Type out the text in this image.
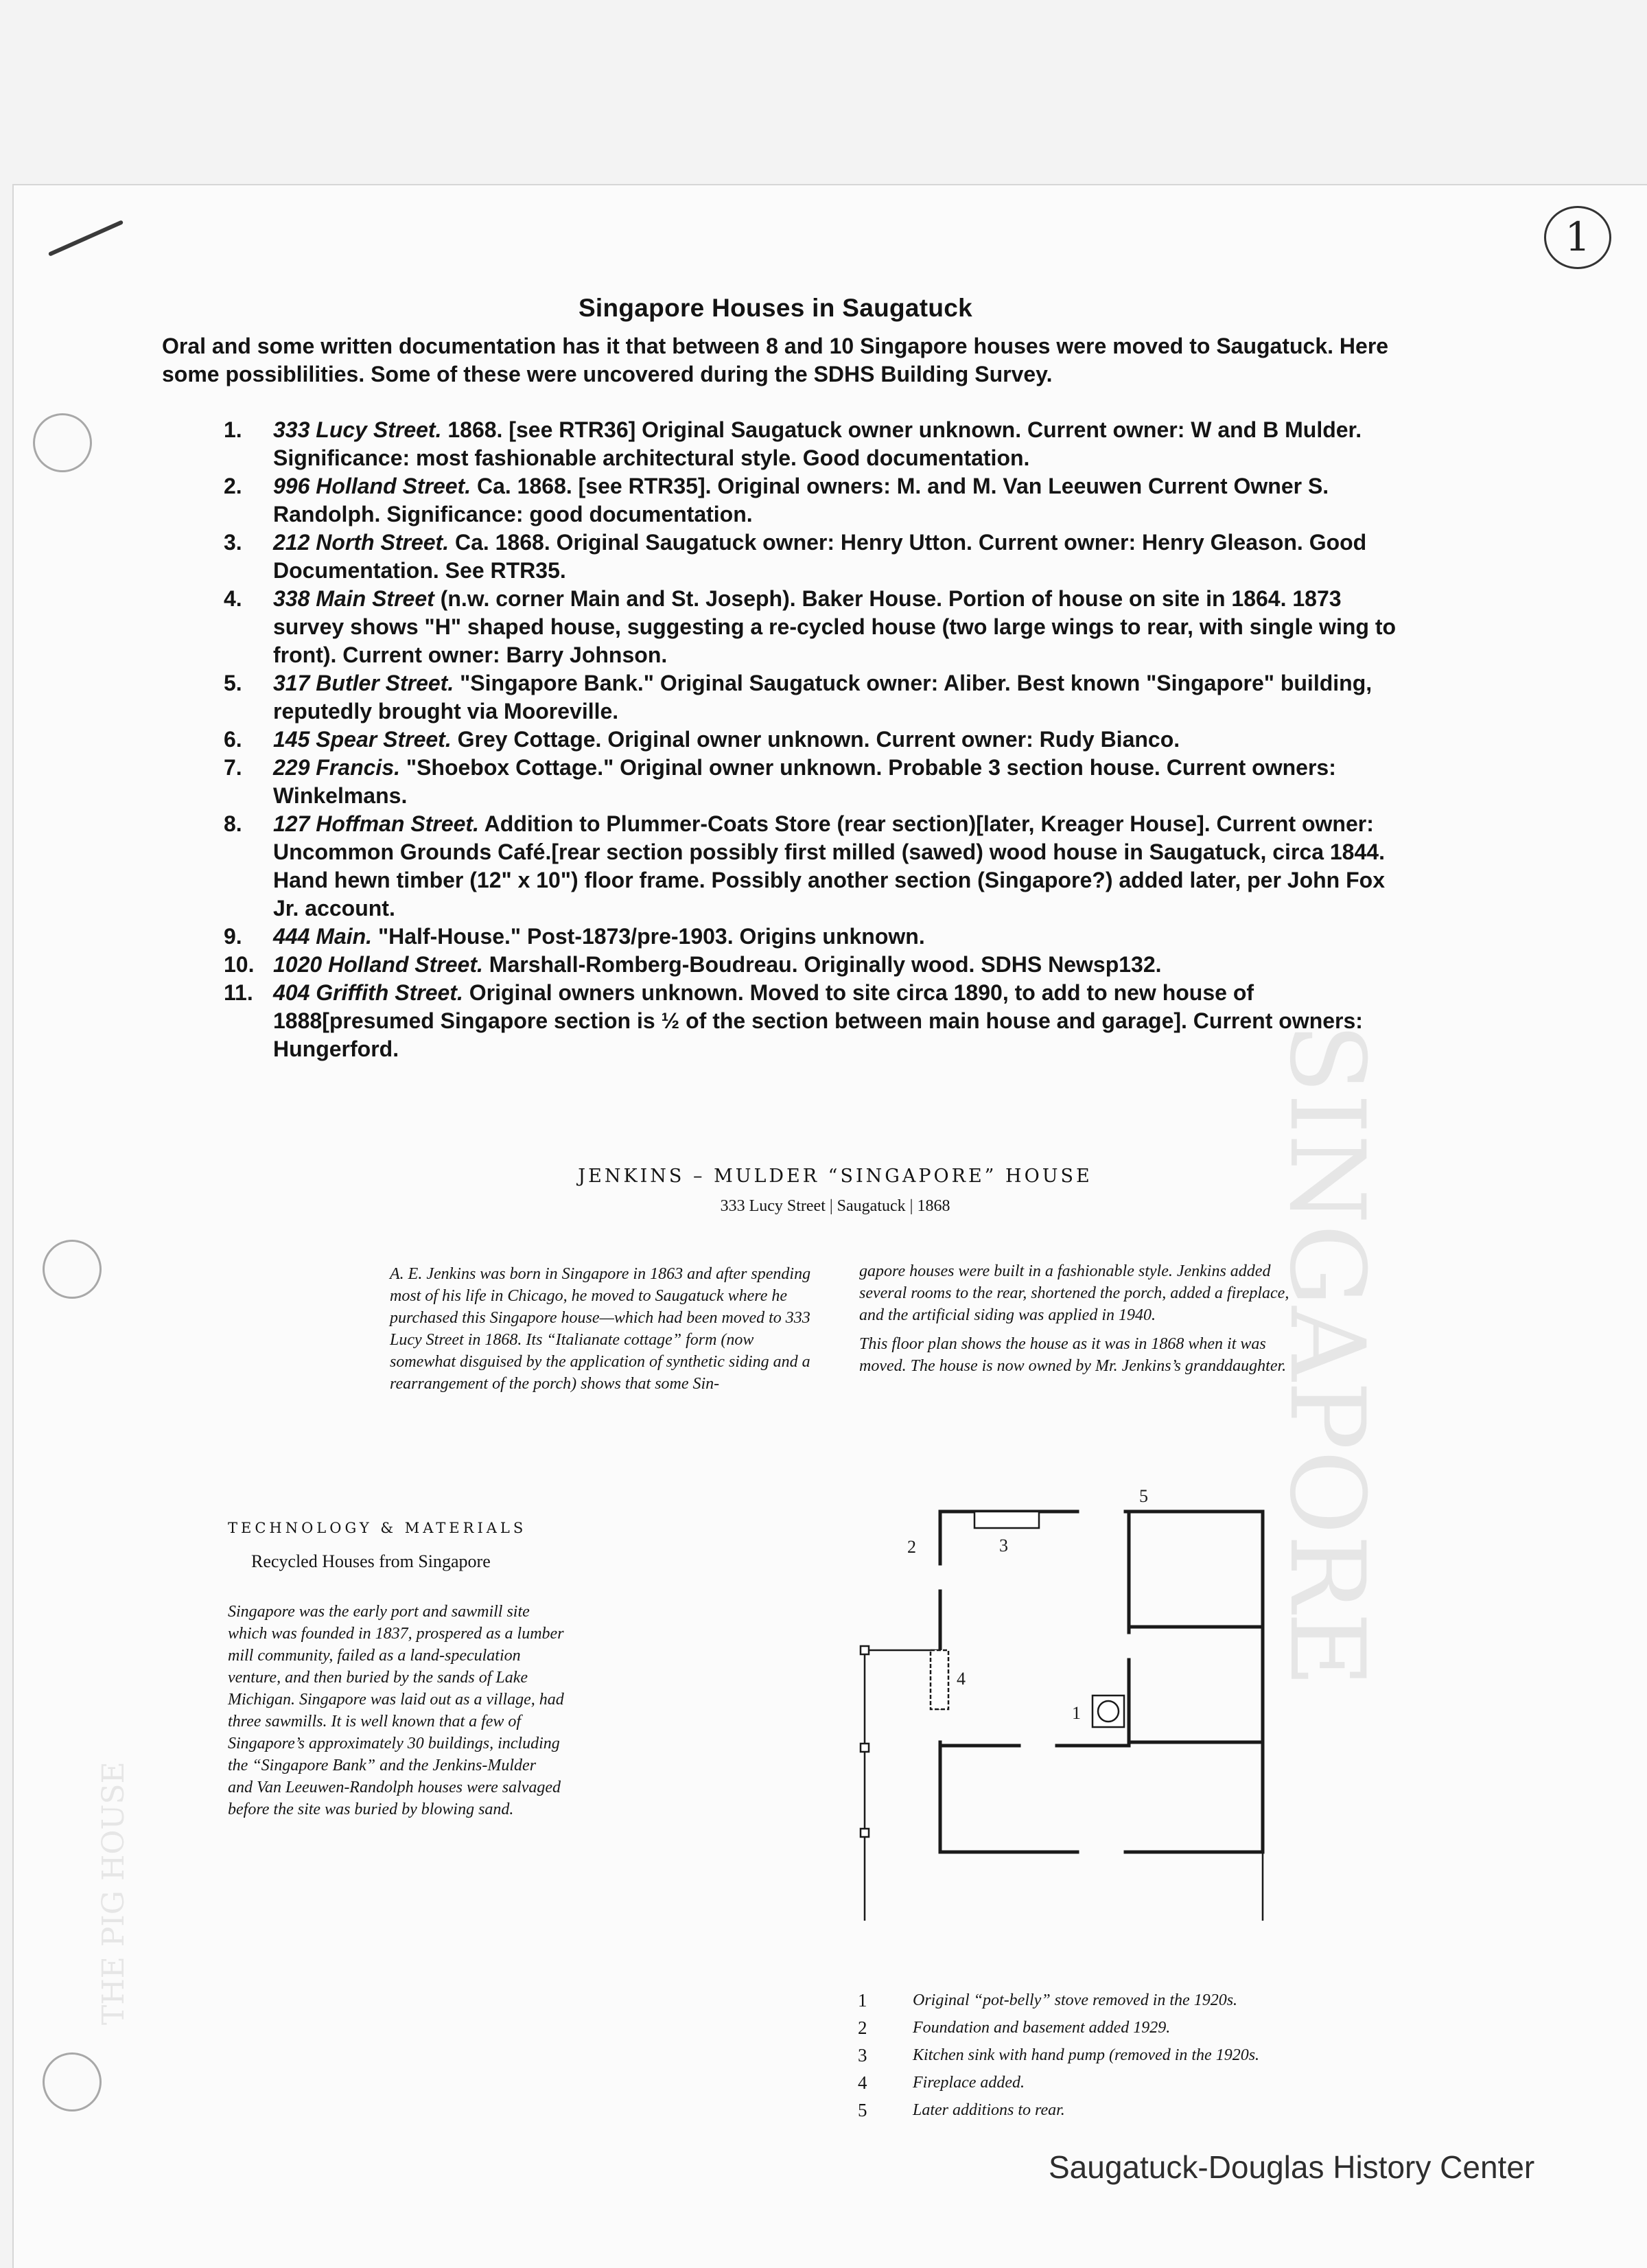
SINGAPORE
THE PIG HOUSE
1
Singapore Houses in Saugatuck
Oral and some written documentation has it that between 8 and 10 Singapore houses were moved to Saugatuck. Here some possiblilities. Some of these were uncovered during the SDHS Building Survey.
1. 333 Lucy Street. 1868. [see RTR36] Original Saugatuck owner unknown. Current owner: W and B Mulder. Significance: most fashionable architectural style. Good documentation.
2. 996 Holland Street. Ca. 1868. [see RTR35]. Original owners: M. and M. Van Leeuwen Current Owner S. Randolph. Significance: good documentation.
3. 212 North Street. Ca. 1868. Original Saugatuck owner: Henry Utton. Current owner: Henry Gleason. Good Documentation. See RTR35.
4. 338 Main Street (n.w. corner Main and St. Joseph). Baker House. Portion of house on site in 1864. 1873 survey shows "H" shaped house, suggesting a re-cycled house (two large wings to rear, with single wing to front). Current owner: Barry Johnson.
5. 317 Butler Street. "Singapore Bank." Original Saugatuck owner: Aliber. Best known "Singapore" building, reputedly brought via Mooreville.
6. 145 Spear Street. Grey Cottage. Original owner unknown. Current owner: Rudy Bianco.
7. 229 Francis. "Shoebox Cottage." Original owner unknown. Probable 3 section house. Current owners: Winkelmans.
8. 127 Hoffman Street. Addition to Plummer-Coats Store (rear section)[later, Kreager House]. Current owner: Uncommon Grounds Café.[rear section possibly first milled (sawed) wood house in Saugatuck, circa 1844. Hand hewn timber (12" x 10") floor frame. Possibly another section (Singapore?) added later, per John Fox Jr. account.
9. 444 Main. "Half-House." Post-1873/pre-1903. Origins unknown.
10. 1020 Holland Street. Marshall-Romberg-Boudreau. Originally wood. SDHS Newsp132.
11. 404 Griffith Street. Original owners unknown. Moved to site circa 1890, to add to new house of 1888[presumed Singapore section is ½ of the section between main house and garage]. Current owners: Hungerford.
JENKINS – MULDER “SINGAPORE” HOUSE
333 Lucy Street | Saugatuck | 1868
A. E. Jenkins was born in Singapore in 1863 and after spending most of his life in Chicago, he moved to Saugatuck where he purchased this Singapore house—which had been moved to 333 Lucy Street in 1868. Its “Italianate cottage” form (now somewhat disguised by the application of synthetic siding and a rearrangement of the porch) shows that some Sin-

gapore houses were built in a fashionable style. Jenkins added several rooms to the rear, shortened the porch, added a fireplace, and the artificial siding was applied in 1940.

This floor plan shows the house as it was in 1868 when it was moved. The house is now owned by Mr. Jenkins’s granddaughter.

TECHNOLOGY & MATERIALS
Recycled Houses from Singapore
Singapore was the early port and sawmill site which was founded in 1837, prospered as a lumber mill community, failed as a land-speculation venture, and then buried by the sands of Lake Michigan. Singapore was laid out as a village, had three sawmills. It is well known that a few of Singapore’s approximately 30 buildings, including the “Singapore Bank” and the Jenkins-Mulder and Van Leeuwen-Randolph houses were salvaged before the site was buried by blowing sand.
1
2	3
4
5
1	Original “pot-belly” stove removed in the 1920s.
2	Foundation and basement added 1929.
3	Kitchen sink with hand pump (removed in the 1920s.
4	Fireplace added.
5	Later additions to rear.
Saugatuck-Douglas History Center
